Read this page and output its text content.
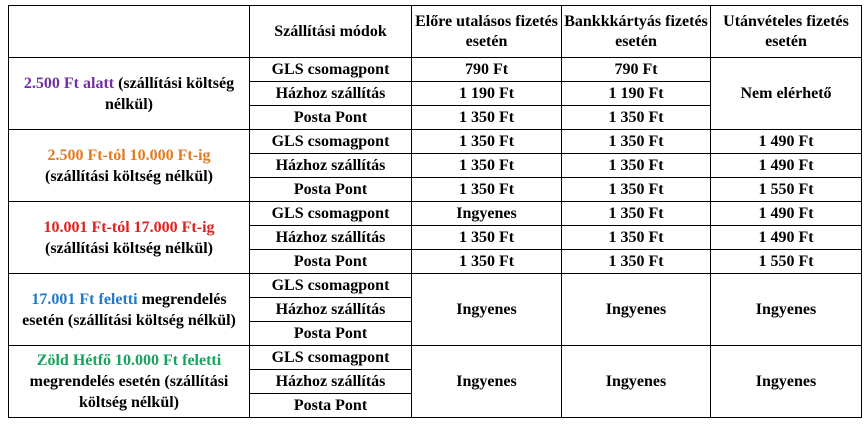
	Szállítási módok	Előre utalásos fizetés esetén	Bankkkártyás fizetés esetén	Utánvételes fizetés esetén
2.500 Ft alatt (szállítási költség nélkül)	GLS csomagpont	790 Ft	790 Ft	Nem elérhető
	Házhoz szállítás	1 190 Ft	1 190 Ft	
	Posta Pont	1 350 Ft	1 350 Ft	
2.500 Ft-tól 10.000 Ft-ig
(szállítási költség nélkül)	GLS csomagpont	1 350 Ft	1 350 Ft	1 490 Ft
	Házhoz szállítás	1 350 Ft	1 350 Ft	1 490 Ft
	Posta Pont	1 350 Ft	1 350 Ft	1 550 Ft
10.001 Ft-tól 17.000 Ft-ig
(szállítási költség nélkül)	GLS csomagpont	Ingyenes	1 350 Ft	1 490 Ft
	Házhoz szállítás	1 350 Ft	1 350 Ft	1 490 Ft
	Posta Pont	1 350 Ft	1 350 Ft	1 550 Ft
17.001 Ft feletti megrendelés esetén (szállítási költség nélkül)	GLS csomagpont	Ingyenes	Ingyenes	Ingyenes
	Házhoz szállítás			
	Posta Pont			
Zöld Hétfő 10.000 Ft feletti megrendelés esetén (szállítási költség nélkül)	GLS csomagpont	Ingyenes	Ingyenes	Ingyenes
	Házhoz szállítás			
	Posta Pont			
